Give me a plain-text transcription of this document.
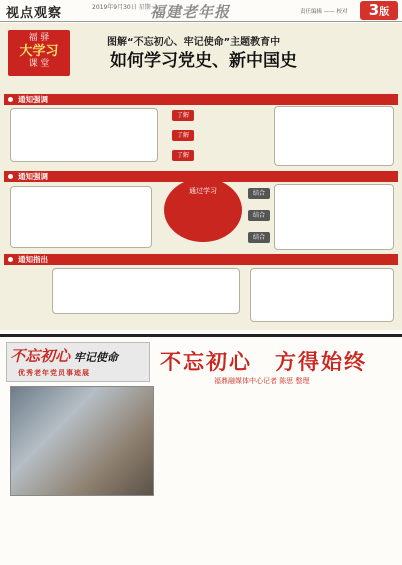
视点观察	2019年9月30日 星期一
福建老年报	责任编辑 —— 校对	3版
福 驿
大学习
课 堂
图解“不忘初心、牢记使命”主题教育中
如何学习党史、新中国史
通知强调
了解
了解
了解
通知强调
通过学习	结合
结合
结合
通知指出
不忘初心 牢记使命
优秀老年党员事迹展	不忘初心　方得始终
福鼎融媒体中心记者 陈思 整理
